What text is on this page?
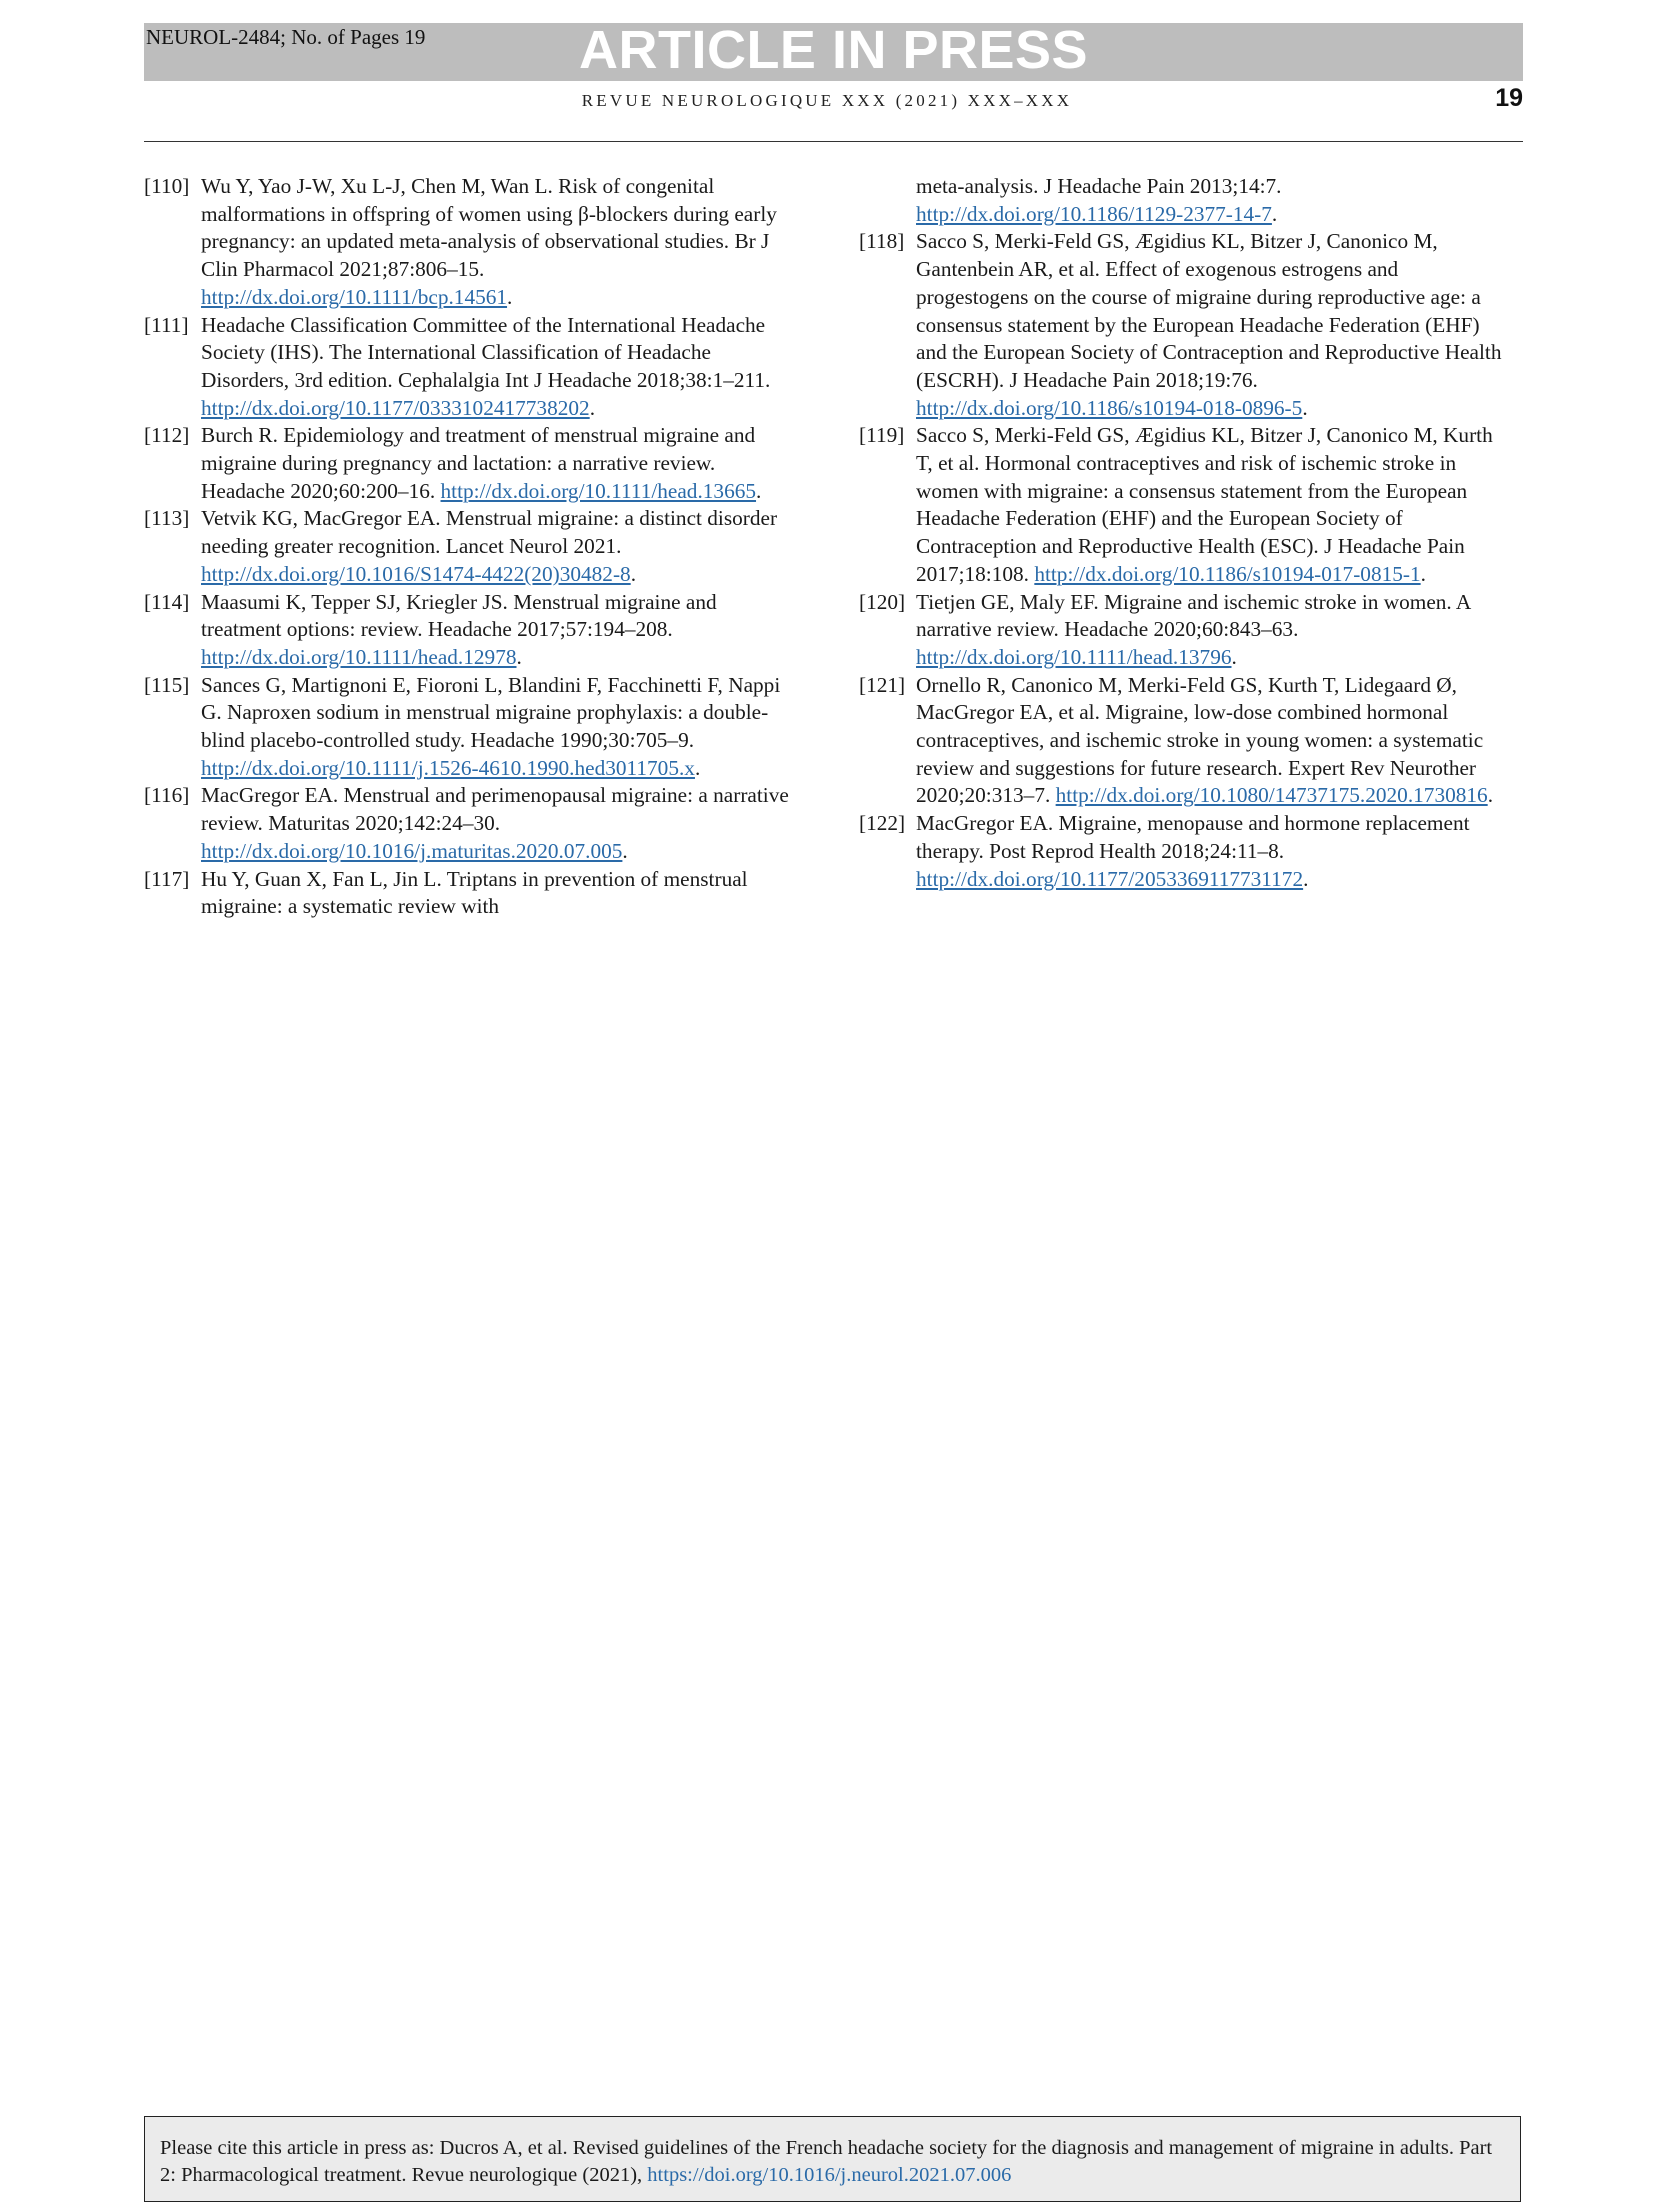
ARTICLE IN PRESS
NEUROL-2484; No. of Pages 19
REVUE NEUROLOGIQUE XXX (2021) XXX–XXX	19
[110] Wu Y, Yao J-W, Xu L-J, Chen M, Wan L. Risk of congenital malformations in offspring of women using β-blockers during early pregnancy: an updated meta-analysis of observational studies. Br J Clin Pharmacol 2021;87:806–15. http://dx.doi.org/10.1111/bcp.14561.
[111] Headache Classification Committee of the International Headache Society (IHS). The International Classification of Headache Disorders, 3rd edition. Cephalalgia Int J Headache 2018;38:1–211. http://dx.doi.org/10.1177/0333102417738202.
[112] Burch R. Epidemiology and treatment of menstrual migraine and migraine during pregnancy and lactation: a narrative review. Headache 2020;60:200–16. http://dx.doi.org/10.1111/head.13665.
[113] Vetvik KG, MacGregor EA. Menstrual migraine: a distinct disorder needing greater recognition. Lancet Neurol 2021. http://dx.doi.org/10.1016/S1474-4422(20)30482-8.
[114] Maasumi K, Tepper SJ, Kriegler JS. Menstrual migraine and treatment options: review. Headache 2017;57:194–208. http://dx.doi.org/10.1111/head.12978.
[115] Sances G, Martignoni E, Fioroni L, Blandini F, Facchinetti F, Nappi G. Naproxen sodium in menstrual migraine prophylaxis: a double-blind placebo-controlled study. Headache 1990;30:705–9. http://dx.doi.org/10.1111/j.1526-4610.1990.hed3011705.x.
[116] MacGregor EA. Menstrual and perimenopausal migraine: a narrative review. Maturitas 2020;142:24–30. http://dx.doi.org/10.1016/j.maturitas.2020.07.005.
[117] Hu Y, Guan X, Fan L, Jin L. Triptans in prevention of menstrual migraine: a systematic review with
meta-analysis. J Headache Pain 2013;14:7. http://dx.doi.org/10.1186/1129-2377-14-7.
[118] Sacco S, Merki-Feld GS, Ægidius KL, Bitzer J, Canonico M, Gantenbein AR, et al. Effect of exogenous estrogens and progestogens on the course of migraine during reproductive age: a consensus statement by the European Headache Federation (EHF) and the European Society of Contraception and Reproductive Health (ESCRH). J Headache Pain 2018;19:76. http://dx.doi.org/10.1186/s10194-018-0896-5.
[119] Sacco S, Merki-Feld GS, Ægidius KL, Bitzer J, Canonico M, Kurth T, et al. Hormonal contraceptives and risk of ischemic stroke in women with migraine: a consensus statement from the European Headache Federation (EHF) and the European Society of Contraception and Reproductive Health (ESC). J Headache Pain 2017;18:108. http://dx.doi.org/10.1186/s10194-017-0815-1.
[120] Tietjen GE, Maly EF. Migraine and ischemic stroke in women. A narrative review. Headache 2020;60:843–63. http://dx.doi.org/10.1111/head.13796.
[121] Ornello R, Canonico M, Merki-Feld GS, Kurth T, Lidegaard Ø, MacGregor EA, et al. Migraine, low-dose combined hormonal contraceptives, and ischemic stroke in young women: a systematic review and suggestions for future research. Expert Rev Neurother 2020;20:313–7. http://dx.doi.org/10.1080/14737175.2020.1730816.
[122] MacGregor EA. Migraine, menopause and hormone replacement therapy. Post Reprod Health 2018;24:11–8. http://dx.doi.org/10.1177/2053369117731172.
Please cite this article in press as: Ducros A, et al. Revised guidelines of the French headache society for the diagnosis and management of migraine in adults. Part 2: Pharmacological treatment. Revue neurologique (2021), https://doi.org/10.1016/j.neurol.2021.07.006
